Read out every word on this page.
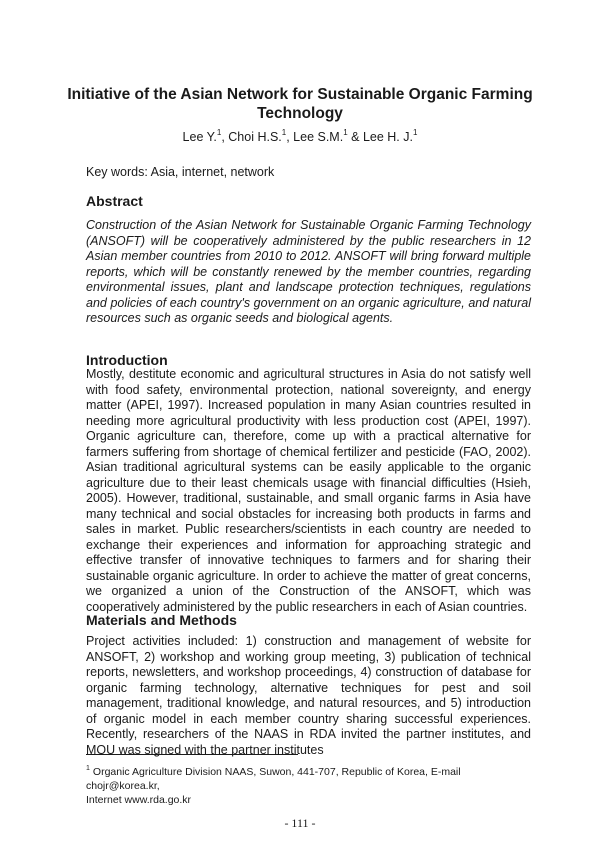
Initiative of the Asian Network for Sustainable Organic Farming Technology

Lee Y.$^1$, Choi H.S.$^1$, Lee S.M.$^1$ & Lee H. J.$^1$

Key words: Asia, internet, network

Abstract

Construction of the Asian Network for Sustainable Organic Farming Technology (ANSOFT) will be cooperatively administered by the public researchers in 12 Asian member countries from 2010 to 2012. ANSOFT will bring forward multiple reports, which will be constantly renewed by the member countries, regarding environmental issues, plant and landscape protection techniques, regulations and policies of each country's government on an organic agriculture, and natural resources such as organic seeds and biological agents.

Introduction

Mostly, destitute economic and agricultural structures in Asia do not satisfy well with food safety, environmental protection, national sovereignty, and energy matter (APEI, 1997). Increased population in many Asian countries resulted in needing more agricultural productivity with less production cost (APEI, 1997). Organic agriculture can, therefore, come up with a practical alternative for farmers suffering from shortage of chemical fertilizer and pesticide (FAO, 2002). Asian traditional agricultural systems can be easily applicable to the organic agriculture due to their least chemicals usage with financial difficulties (Hsieh, 2005). However, traditional, sustainable, and small organic farms in Asia have many technical and social obstacles for increasing both products in farms and sales in market. Public researchers/scientists in each country are needed to exchange their experiences and information for approaching strategic and effective transfer of innovative techniques to farmers and for sharing their sustainable organic agriculture. In order to achieve the matter of great concerns, we organized a union of the Construction of the ANSOFT, which was cooperatively administered by the public researchers in each of Asian countries.

Materials and Methods

Project activities included: 1) construction and management of website for ANSOFT, 2) workshop and working group meeting, 3) publication of technical reports, newsletters, and workshop proceedings, 4) construction of database for organic farming technology, alternative techniques for pest and soil management, traditional knowledge, and natural resources, and 5) introduction of organic model in each member country sharing successful experiences. Recently, researchers of the NAAS in RDA invited the partner institutes, and MOU was signed with the partner institutes

$^1$ Organic Agriculture Division NAAS, Suwon, 441-707, Republic of Korea, E-mail chojr@korea.kr,
Internet www.rda.go.kr

- 111 -
